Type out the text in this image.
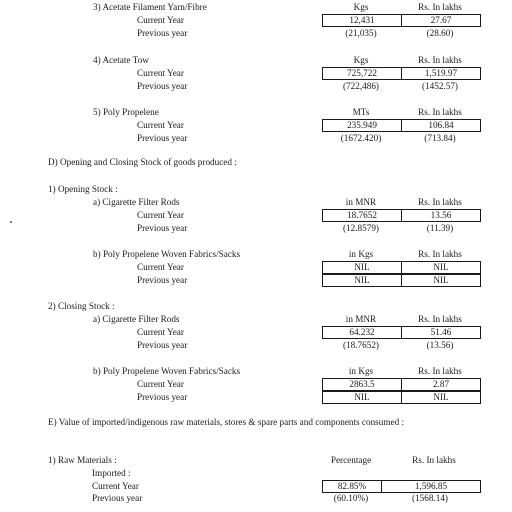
3) Acetate Filament Yarn/Fibre	Kgs	Rs. In lakhs
Current Year	12,431	27.67
Previous year	(21,035)	(28.60)
4) Acetate Tow	Kgs	Rs. In lakhs
Current Year	725,722	1,519.97
Previous year	(722,486)	(1452.57)
5) Poly Propelene	MTs	Rs. In lakhs
Current Year	235.949	106.84
Previous year	(1672.420)	(713.84)
D) Opening and Closing Stock of goods produced :
1) Opening Stock :
a) Cigarette Filter Rods	in MNR	Rs. In lakhs
Current Year	18.7652	13.56
Previous year	(12.8579)	(11.39)
b) Poly Propelene Woven Fabrics/Sacks	in Kgs	Rs. In lakhs
Current Year	NIL	NIL
Previous year	NIL	NIL
2) Closing Stock :
a) Cigarette Filter Rods	in MNR	Rs. In lakhs
Current Year	64.232	51.46
Previous year	(18.7652)	(13.56)
b) Poly Propelene Woven Fabrics/Sacks	in Kgs	Rs. In lakhs
Current Year	2863.5	2.87
Previous year	NIL	NIL
E) Value of imported/indigenous raw materials, stores & spare parts and components consumed :
1) Raw Materials :	Percentage	Rs. In lakhs
Imported :
Current Year	82.85%	1,596.85
Previous year	(60.10%)	(1568.14)
